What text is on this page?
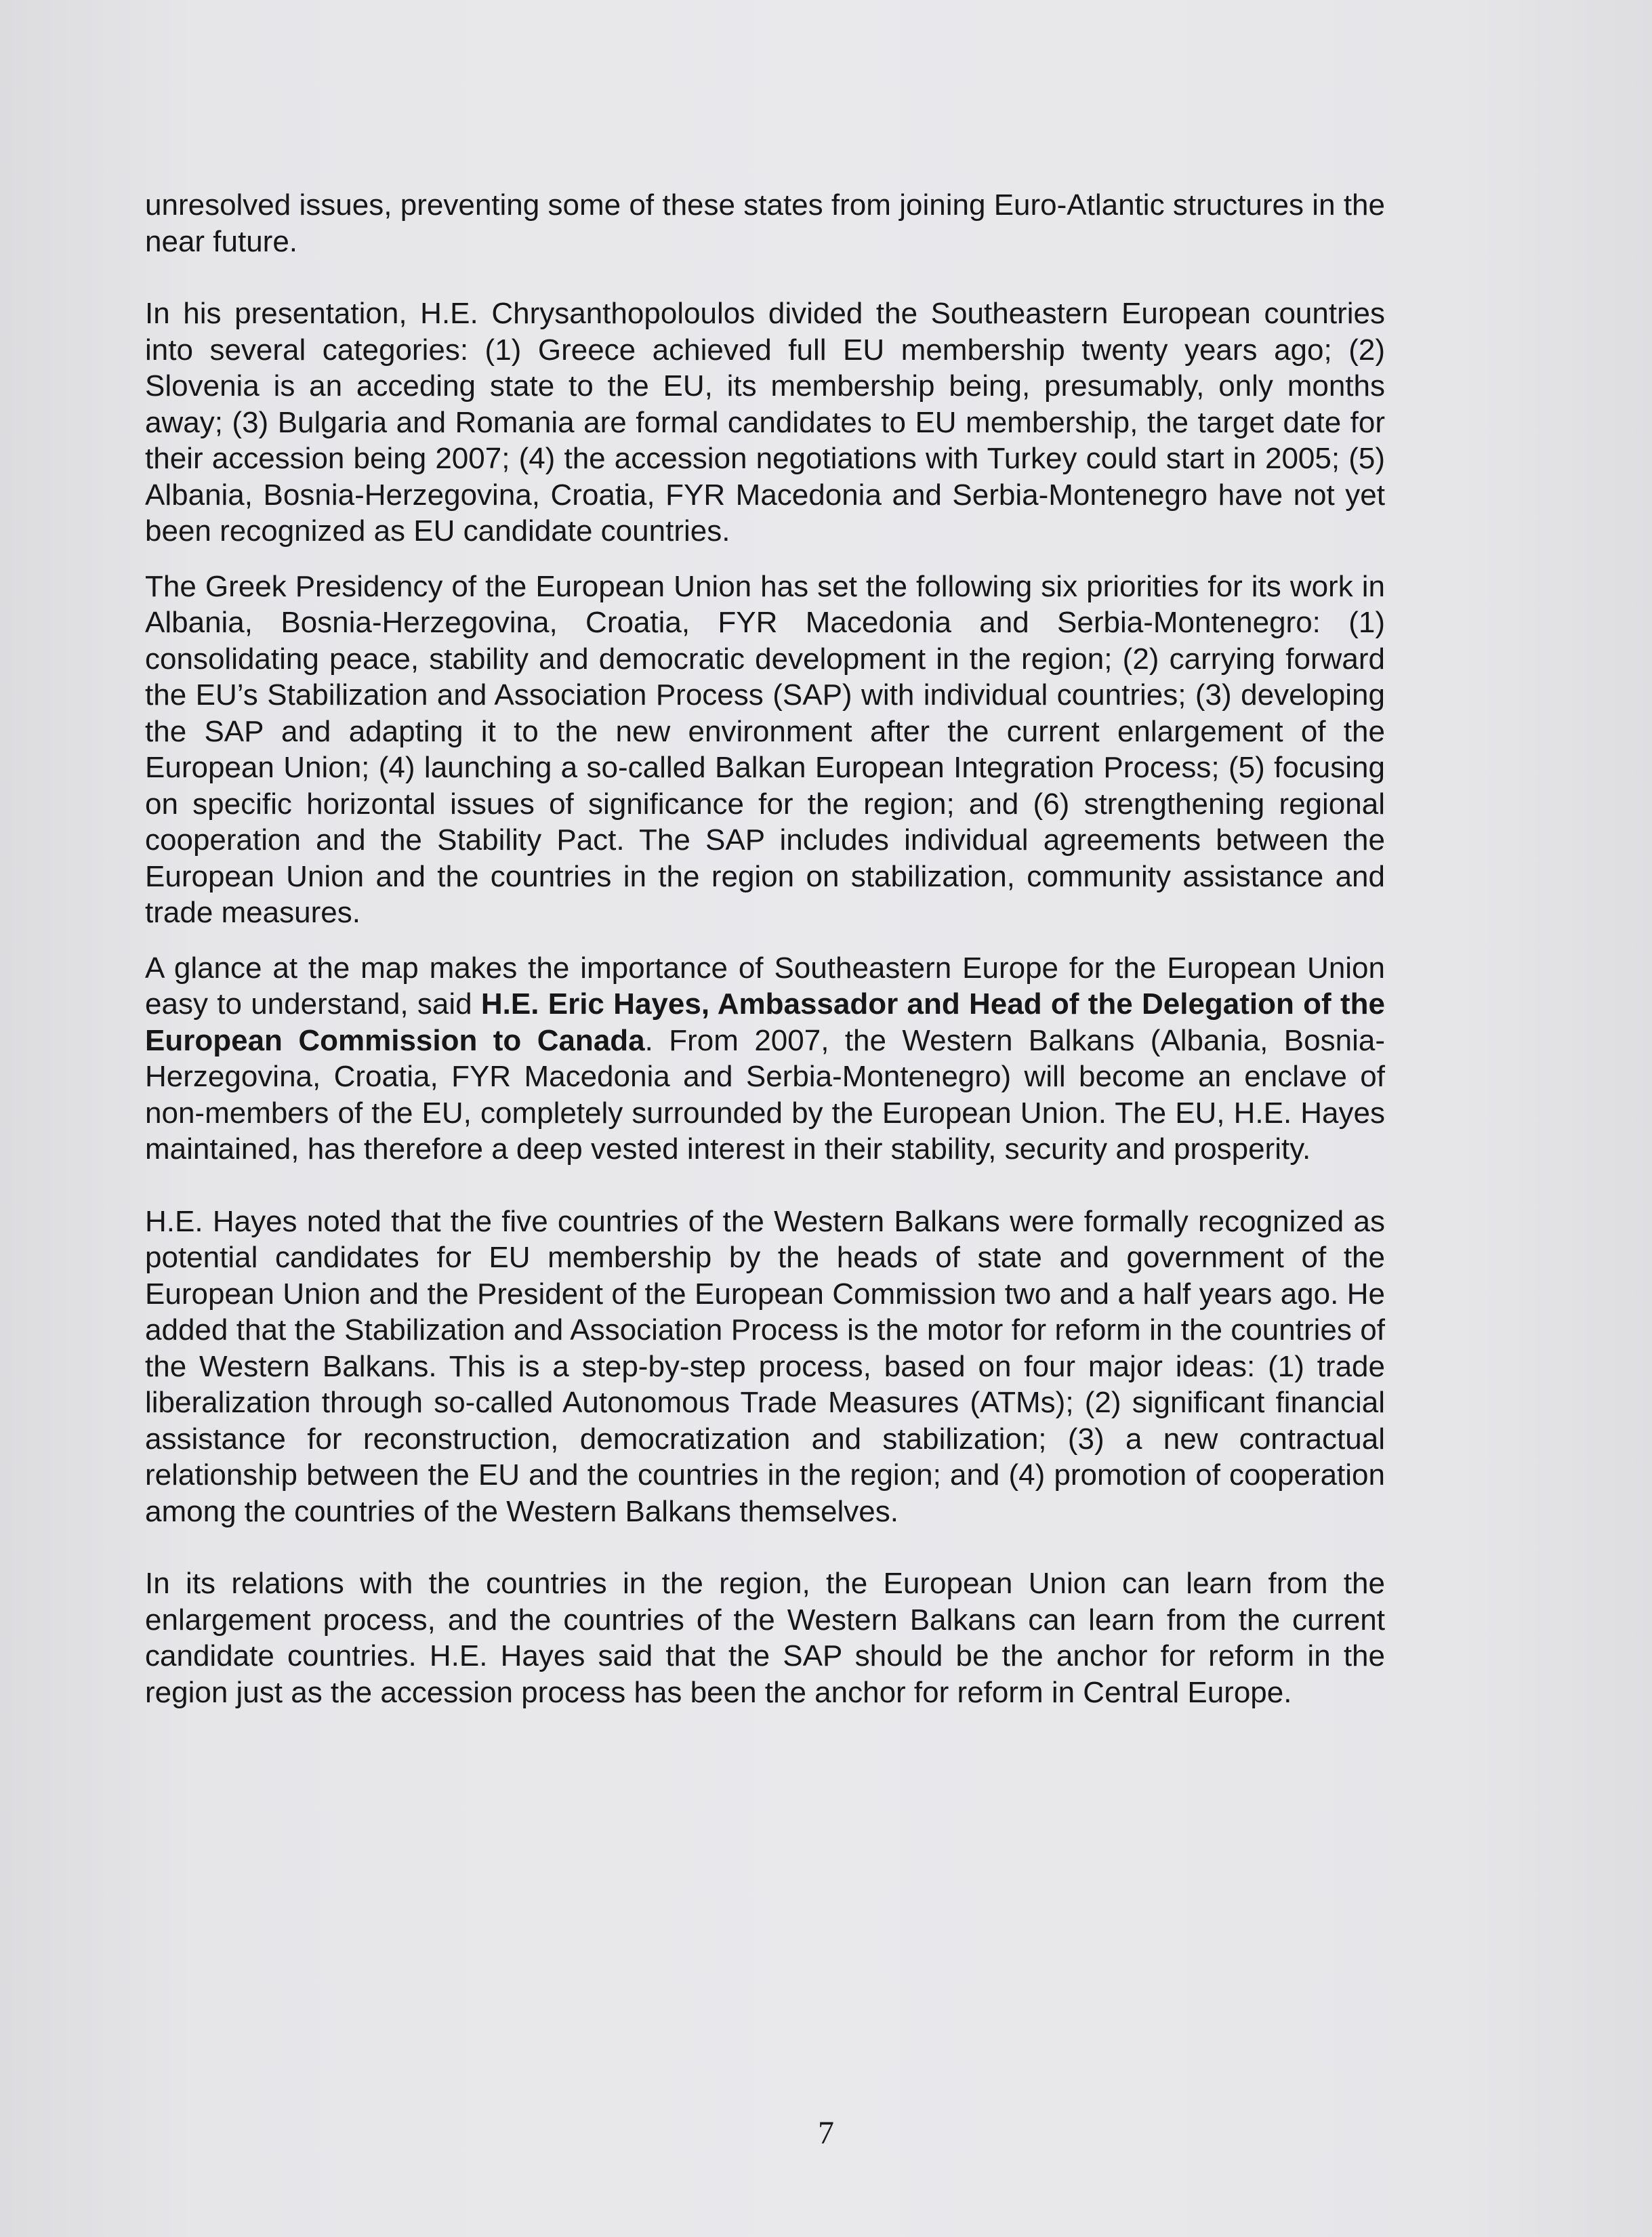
unresolved issues, preventing some of these states from joining Euro-Atlantic structures in the near future.

In his presentation, H.E. Chrysanthopoloulos divided the Southeastern European countries into several categories: (1) Greece achieved full EU membership twenty years ago; (2) Slovenia is an acceding state to the EU, its membership being, presumably, only months away; (3) Bulgaria and Romania are formal candidates to EU membership, the target date for their accession being 2007; (4) the accession negotiations with Turkey could start in 2005; (5) Albania, Bosnia-Herzegovina, Croatia, FYR Macedonia and Serbia-Montenegro have not yet been recognized as EU candidate countries.

The Greek Presidency of the European Union has set the following six priorities for its work in Albania, Bosnia-Herzegovina, Croatia, FYR Macedonia and Serbia-Montenegro: (1) consolidating peace, stability and democratic development in the region; (2) carrying forward the EU’s Stabilization and Association Process (SAP) with individual countries; (3) developing the SAP and adapting it to the new environment after the current enlargement of the European Union; (4) launching a so-called Balkan European Integration Process; (5) focusing on specific horizontal issues of significance for the region; and (6) strengthening regional cooperation and the Stability Pact. The SAP includes individual agreements between the European Union and the countries in the region on stabilization, community assistance and trade measures.

A glance at the map makes the importance of Southeastern Europe for the European Union easy to understand, said H.E. Eric Hayes, Ambassador and Head of the Delegation of the European Commission to Canada. From 2007, the Western Balkans (Albania, Bosnia-Herzegovina, Croatia, FYR Macedonia and Serbia-Montenegro) will become an enclave of non-members of the EU, completely surrounded by the European Union. The EU, H.E. Hayes maintained, has therefore a deep vested interest in their stability, security and prosperity.

H.E. Hayes noted that the five countries of the Western Balkans were formally recognized as potential candidates for EU membership by the heads of state and government of the European Union and the President of the European Commission two and a half years ago. He added that the Stabilization and Association Process is the motor for reform in the countries of the Western Balkans. This is a step-by-step process, based on four major ideas: (1) trade liberalization through so-called Autonomous Trade Measures (ATMs); (2) significant financial assistance for reconstruction, democratization and stabilization; (3) a new contractual relationship between the EU and the countries in the region; and (4) promotion of cooperation among the countries of the Western Balkans themselves.

In its relations with the countries in the region, the European Union can learn from the enlargement process, and the countries of the Western Balkans can learn from the current candidate countries. H.E. Hayes said that the SAP should be the anchor for reform in the region just as the accession process has been the anchor for reform in Central Europe.

7
